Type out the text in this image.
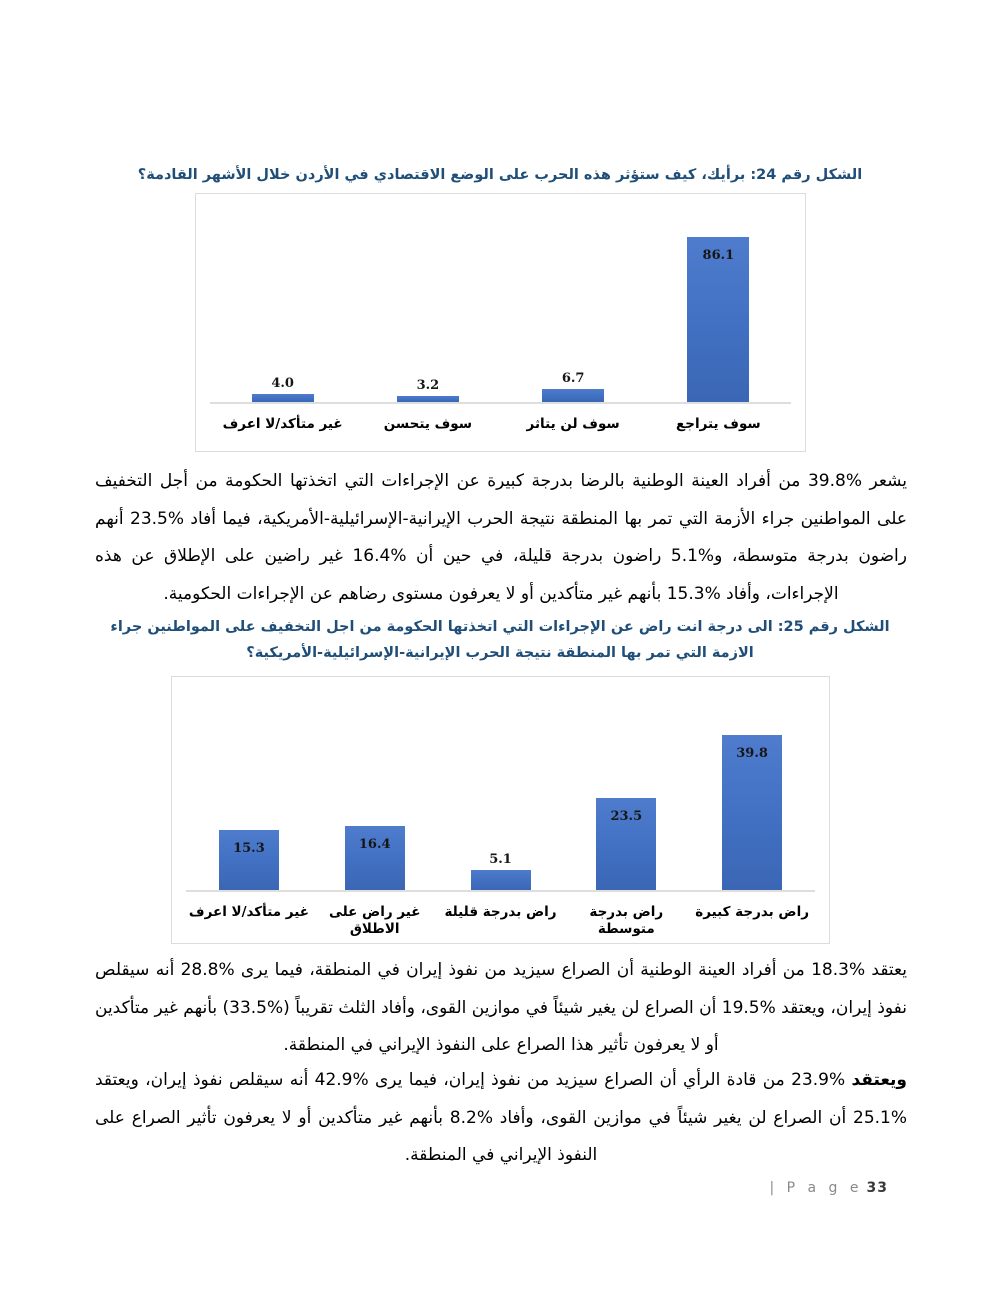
الشكل رقم 24: برأيك، كيف ستؤثر هذه الحرب على الوضع الاقتصادي في الأردن خلال الأشهر القادمة؟
86.1
6.7
3.2
4.0
سوف يتراجع
سوف لن يتاثر
سوف يتحسن
غير متأكد/لا اعرف

يشعر %39.8 من أفراد العينة الوطنية بالرضا بدرجة كبيرة عن الإجراءات التي اتخذتها الحكومة من أجل التخفيف على المواطنين جراء الأزمة التي تمر بها المنطقة نتيجة الحرب الإيرانية-الإسرائيلية-الأمريكية، فيما أفاد %23.5 أنهم راضون بدرجة متوسطة، و%5.1 راضون بدرجة قليلة، في حين أن %16.4 غير راضين على الإطلاق عن هذه الإجراءات، وأفاد %15.3 بأنهم غير متأكدين أو لا يعرفون مستوى رضاهم عن الإجراءات الحكومية.

الشكل رقم 25: الى درجة انت راض عن الإجراءات التي اتخذتها الحكومة من اجل التخفيف على المواطنين جراء الازمة التي تمر بها المنطقة نتيجة الحرب الإيرانية-الإسرائيلية-الأمريكية؟
39.8
23.5
5.1
16.4
15.3
راض بدرجة كبيرة
راض بدرجة متوسطة
راض بدرجة قليلة
غير راض على الاطلاق
غير متأكد/لا اعرف

يعتقد %18.3 من أفراد العينة الوطنية أن الصراع سيزيد من نفوذ إيران في المنطقة، فيما يرى %28.8 أنه سيقلص نفوذ إيران، ويعتقد %19.5 أن الصراع لن يغير شيئاً في موازين القوى، وأفاد الثلث تقريباً (%33.5) بأنهم غير متأكدين أو لا يعرفون تأثير هذا الصراع على النفوذ الإيراني في المنطقة.

ويعتقد %23.9 من قادة الرأي أن الصراع سيزيد من نفوذ إيران، فيما يرى %42.9 أنه سيقلص نفوذ إيران، ويعتقد %25.1 أن الصراع لن يغير شيئاً في موازين القوى، وأفاد %8.2 بأنهم غير متأكدين أو لا يعرفون تأثير الصراع على النفوذ الإيراني في المنطقة.

| P a g e 33
